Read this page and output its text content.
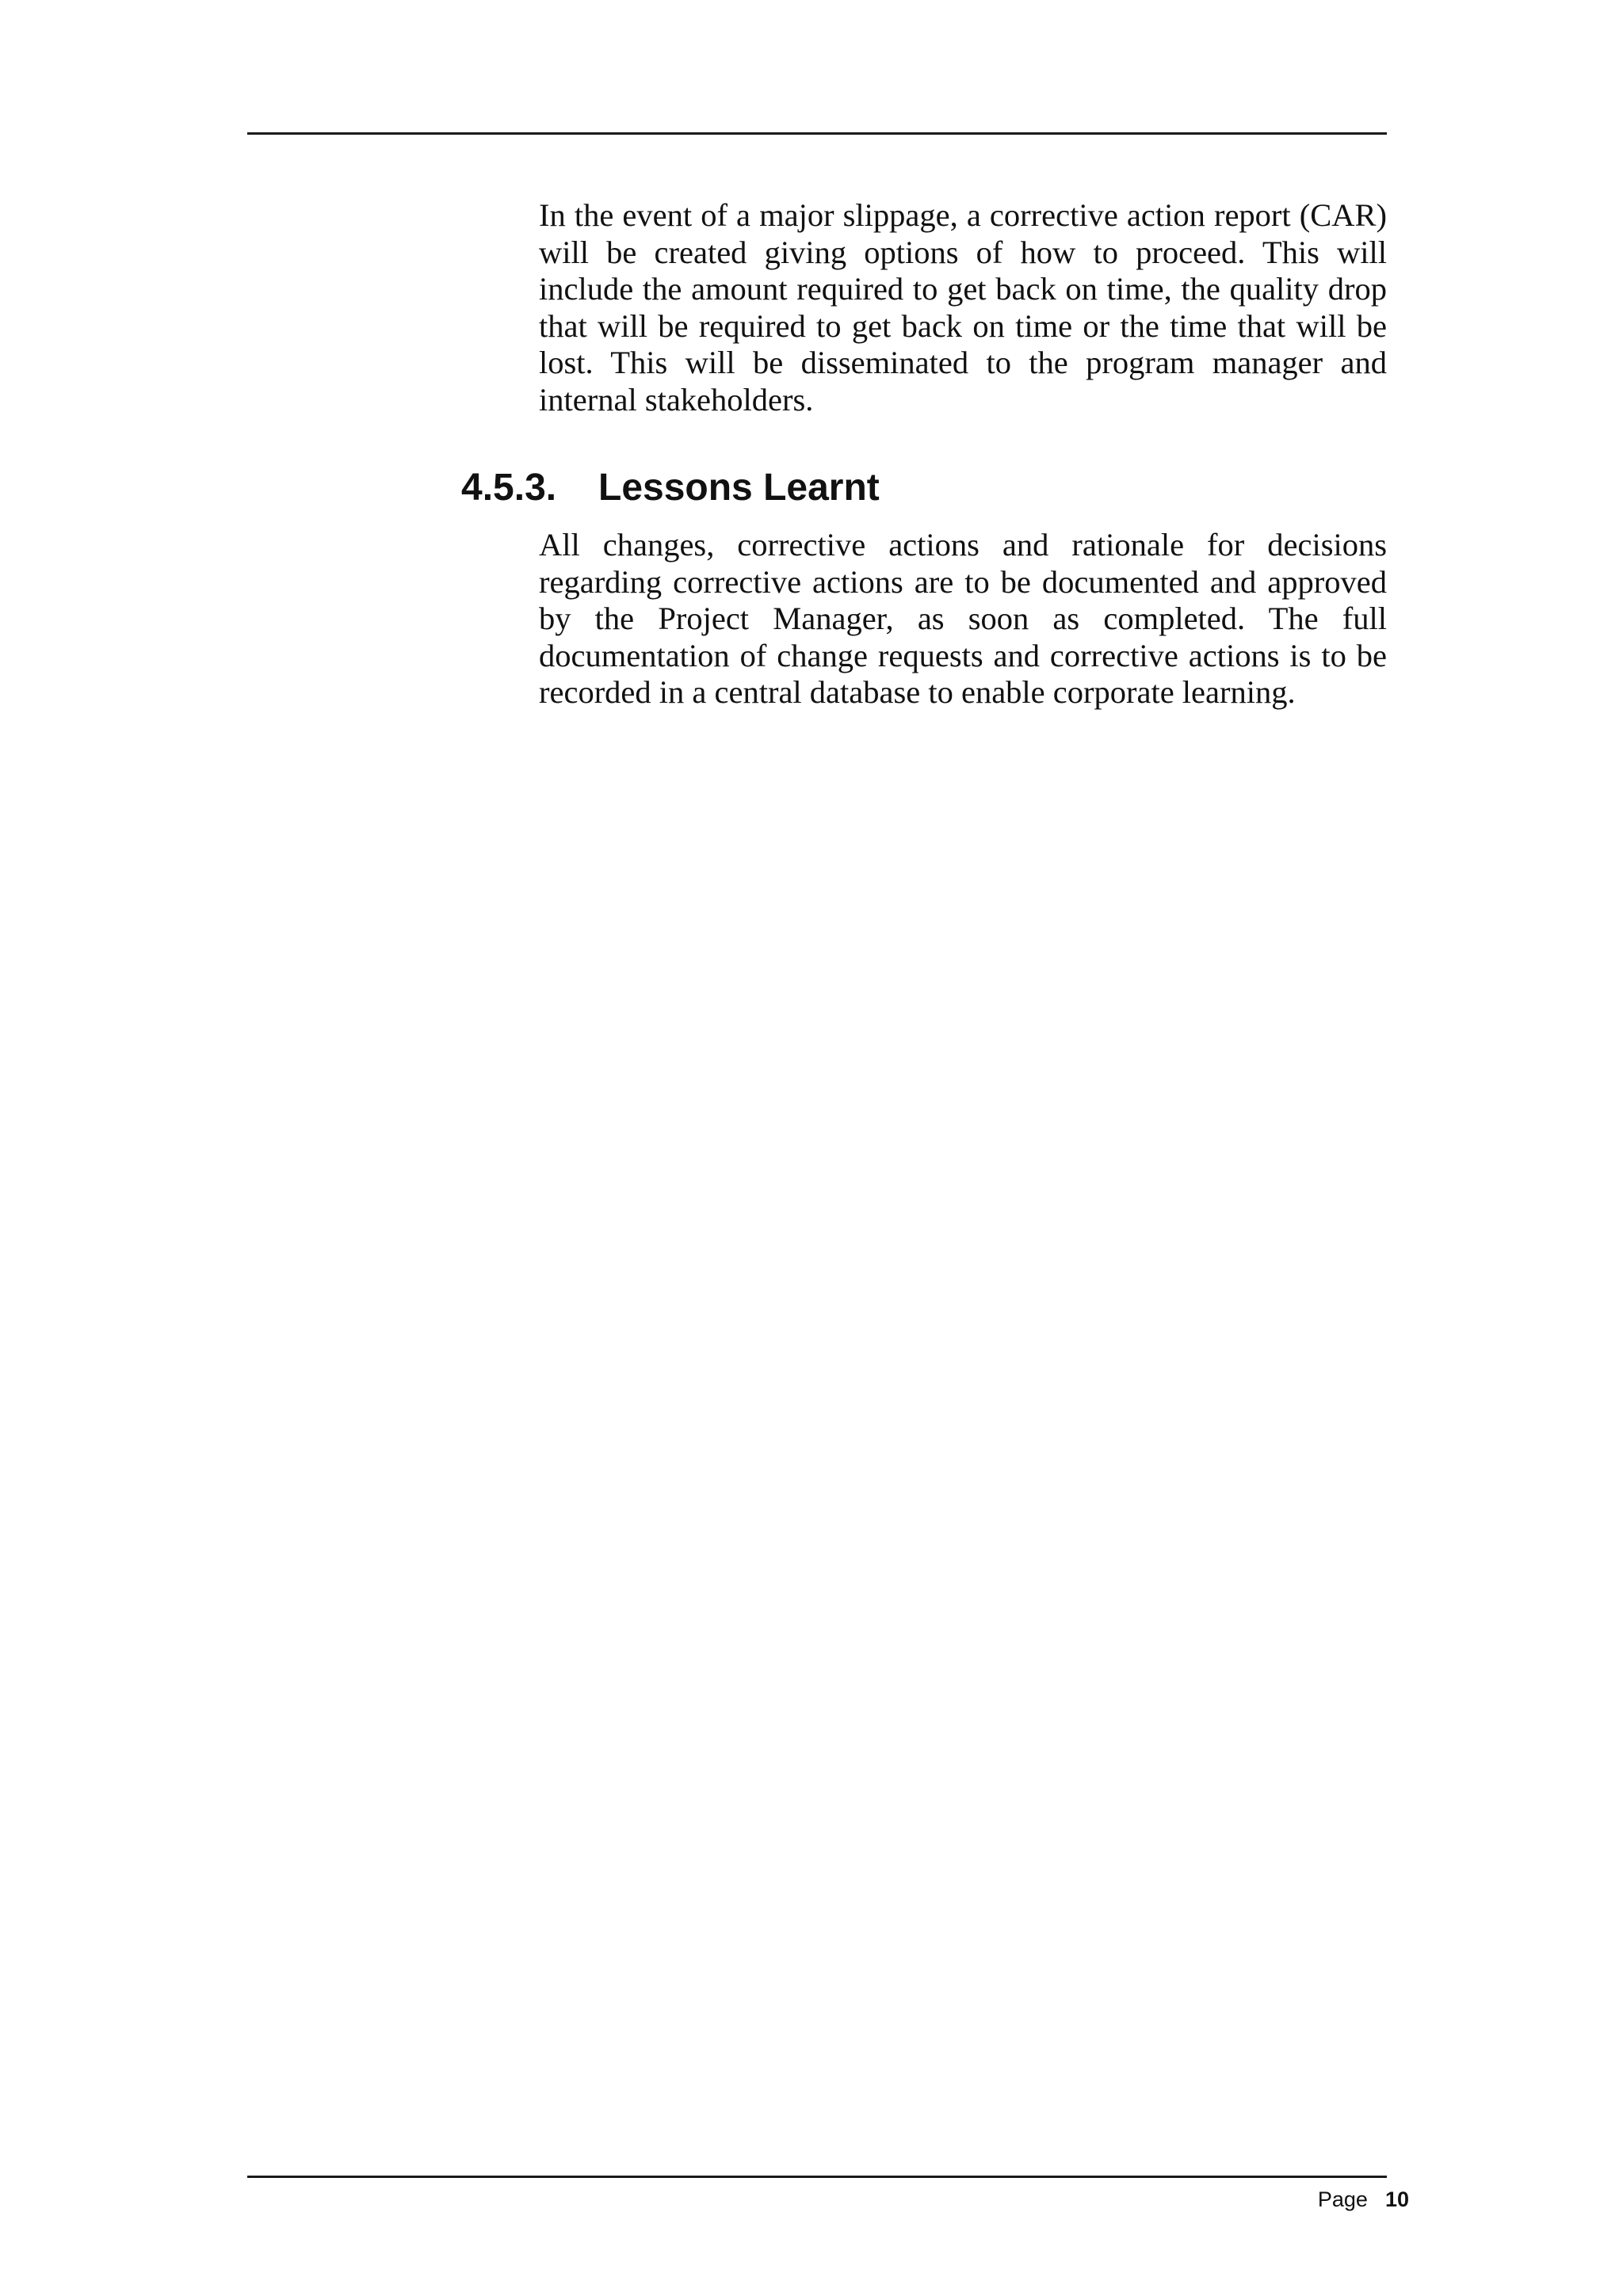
In the event of a major slippage, a corrective action report (CAR) will be created giving options of how to proceed. This will include the amount required to get back on time, the quality drop that will be required to get back on time or the time that will be lost. This will be disseminated to the program manager and internal stakeholders.

4.5.3. Lessons Learnt

All changes, corrective actions and rationale for decisions regarding corrective actions are to be documented and approved by the Project Manager, as soon as completed. The full documentation of change requests and corrective actions is to be recorded in a central database to enable corporate learning.

Page 10
